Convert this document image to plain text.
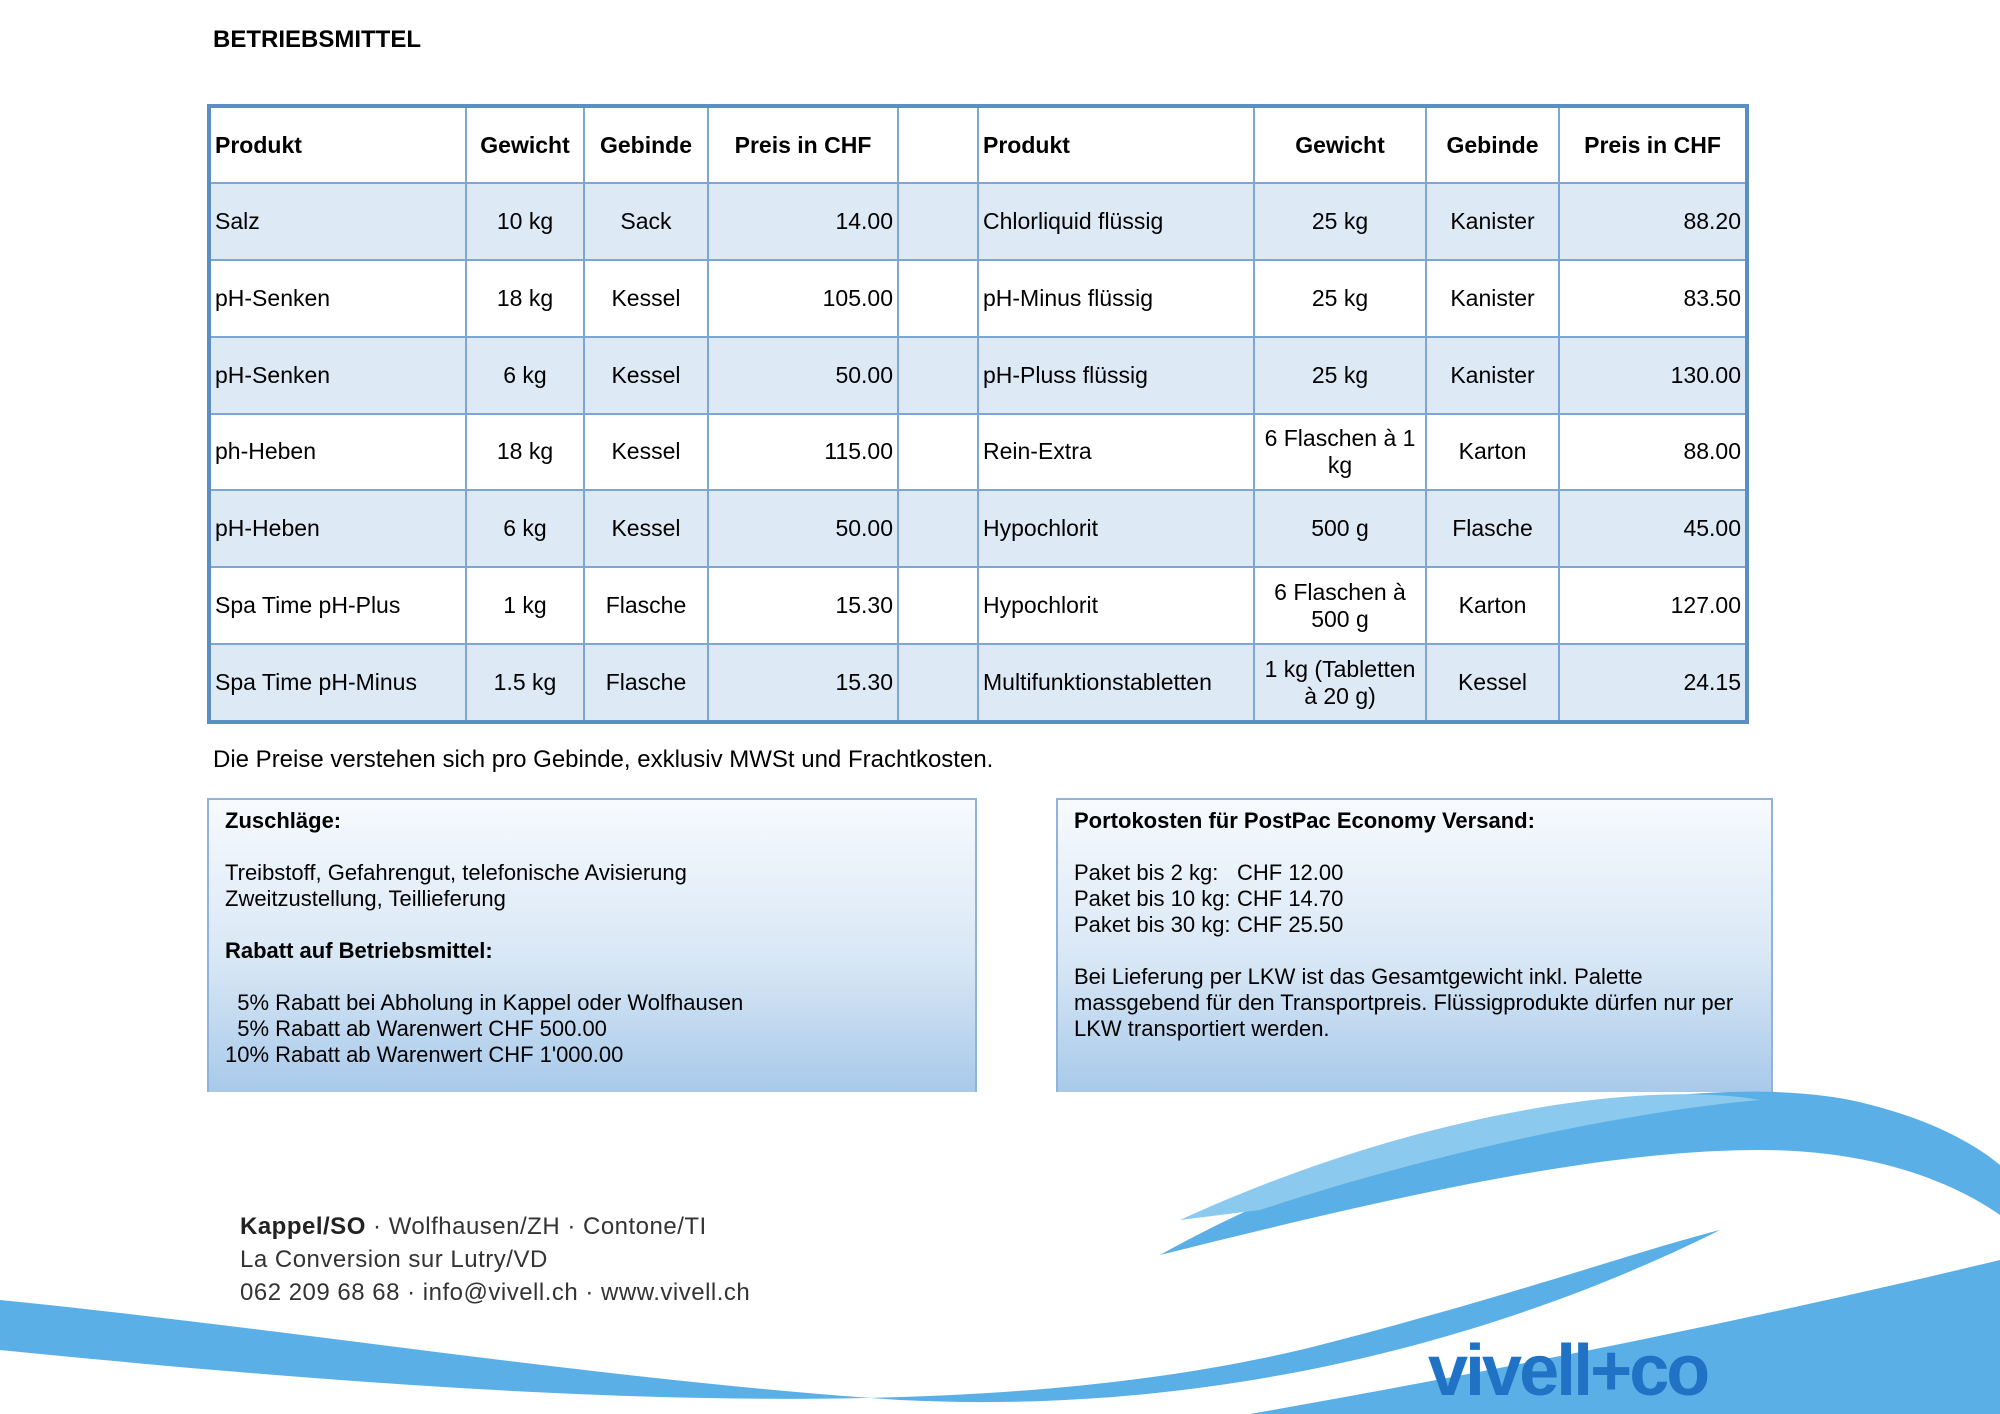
BETRIEBSMITTEL
Produkt	Gewicht	Gebinde	Preis in CHF		Produkt	Gewicht	Gebinde	Preis in CHF
Salz	10 kg	Sack	14.00		Chlorliquid flüssig	25 kg	Kanister	88.20
pH-Senken	18 kg	Kessel	105.00		pH-Minus flüssig	25 kg	Kanister	83.50
pH-Senken	6 kg	Kessel	50.00		pH-Pluss flüssig	25 kg	Kanister	130.00
ph-Heben	18 kg	Kessel	115.00		Rein-Extra	6 Flaschen à 1 kg	Karton	88.00
pH-Heben	6 kg	Kessel	50.00		Hypochlorit	500 g	Flasche	45.00
Spa Time pH-Plus	1 kg	Flasche	15.30		Hypochlorit	6 Flaschen à 500 g	Karton	127.00
Spa Time pH-Minus	1.5 kg	Flasche	15.30		Multifunktionstabletten	1 kg (Tabletten à 20 g)	Kessel	24.15
Die Preise verstehen sich pro Gebinde, exklusiv MWSt und Frachtkosten.
Zuschläge:
Treibstoff, Gefahrengut, telefonische Avisierung
Zweitzustellung, Teillieferung
Rabatt auf Betriebsmittel:
5% Rabatt bei Abholung in Kappel oder Wolfhausen
5% Rabatt ab Warenwert CHF 500.00
10% Rabatt ab Warenwert CHF 1'000.00
Portokosten für PostPac Economy Versand:
Paket bis 2 kg: CHF 12.00
Paket bis 10 kg: CHF 14.70
Paket bis 30 kg: CHF 25.50
Bei Lieferung per LKW ist das Gesamtgewicht inkl. Palette massgebend für den Transportpreis. Flüssigprodukte dürfen nur per LKW transportiert werden.
Kappel/SO · Wolfhausen/ZH · Contone/TI
La Conversion sur Lutry/VD
062 209 68 68 · info@vivell.ch · www.vivell.ch
vivell+co
